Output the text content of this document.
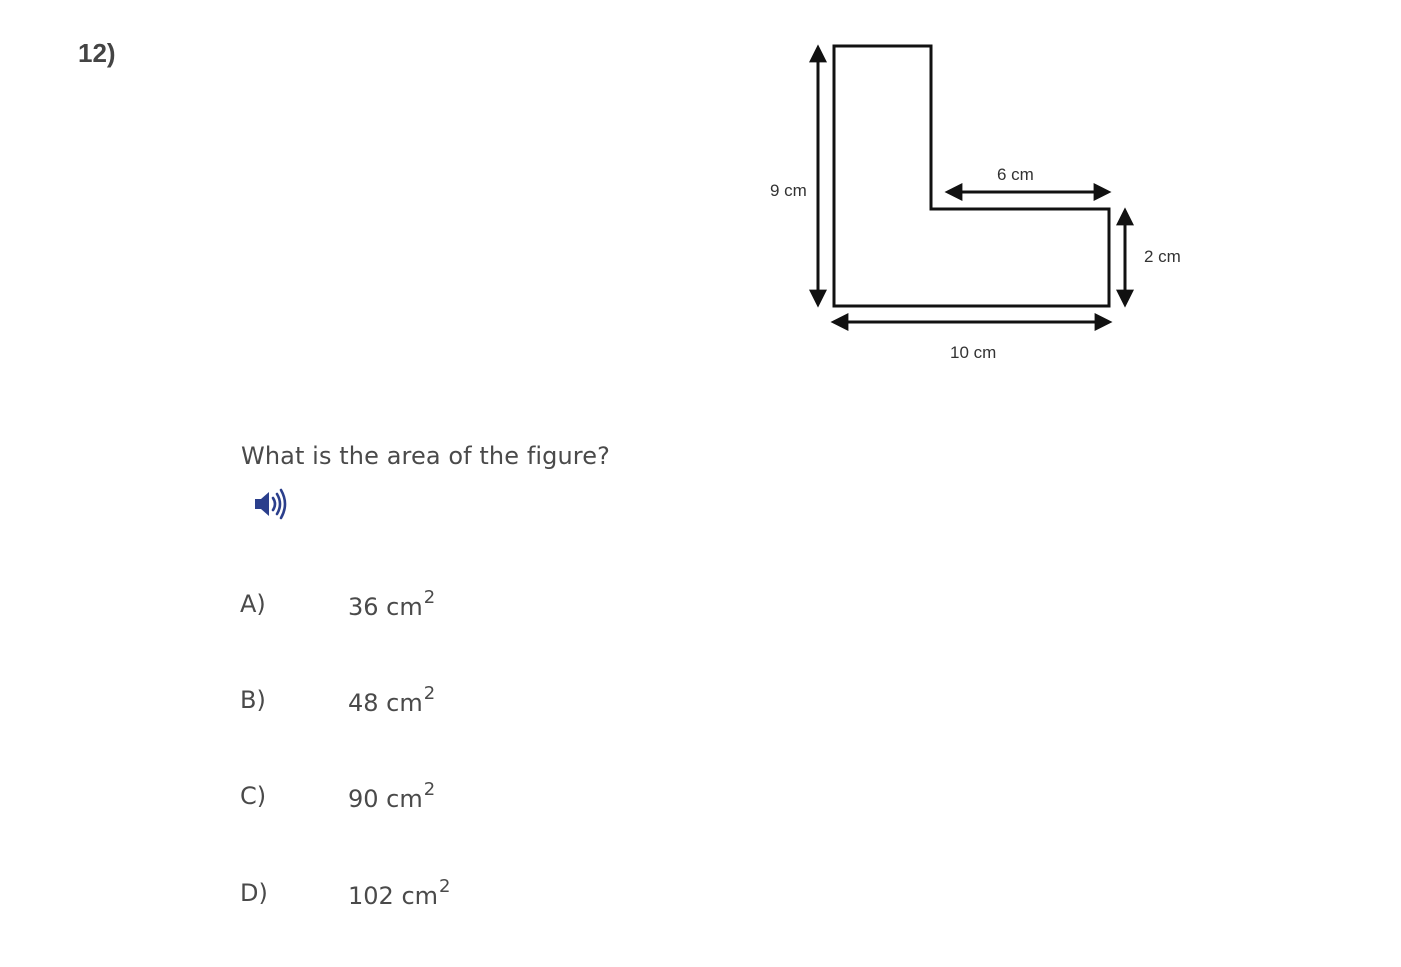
12)
9 cm
6 cm
2 cm
10 cm
What is the area of the figure?
A)	36 $cm^2$
B)	48 $cm^2$
C)	90 $cm^2$
D)	102 $cm^2$
